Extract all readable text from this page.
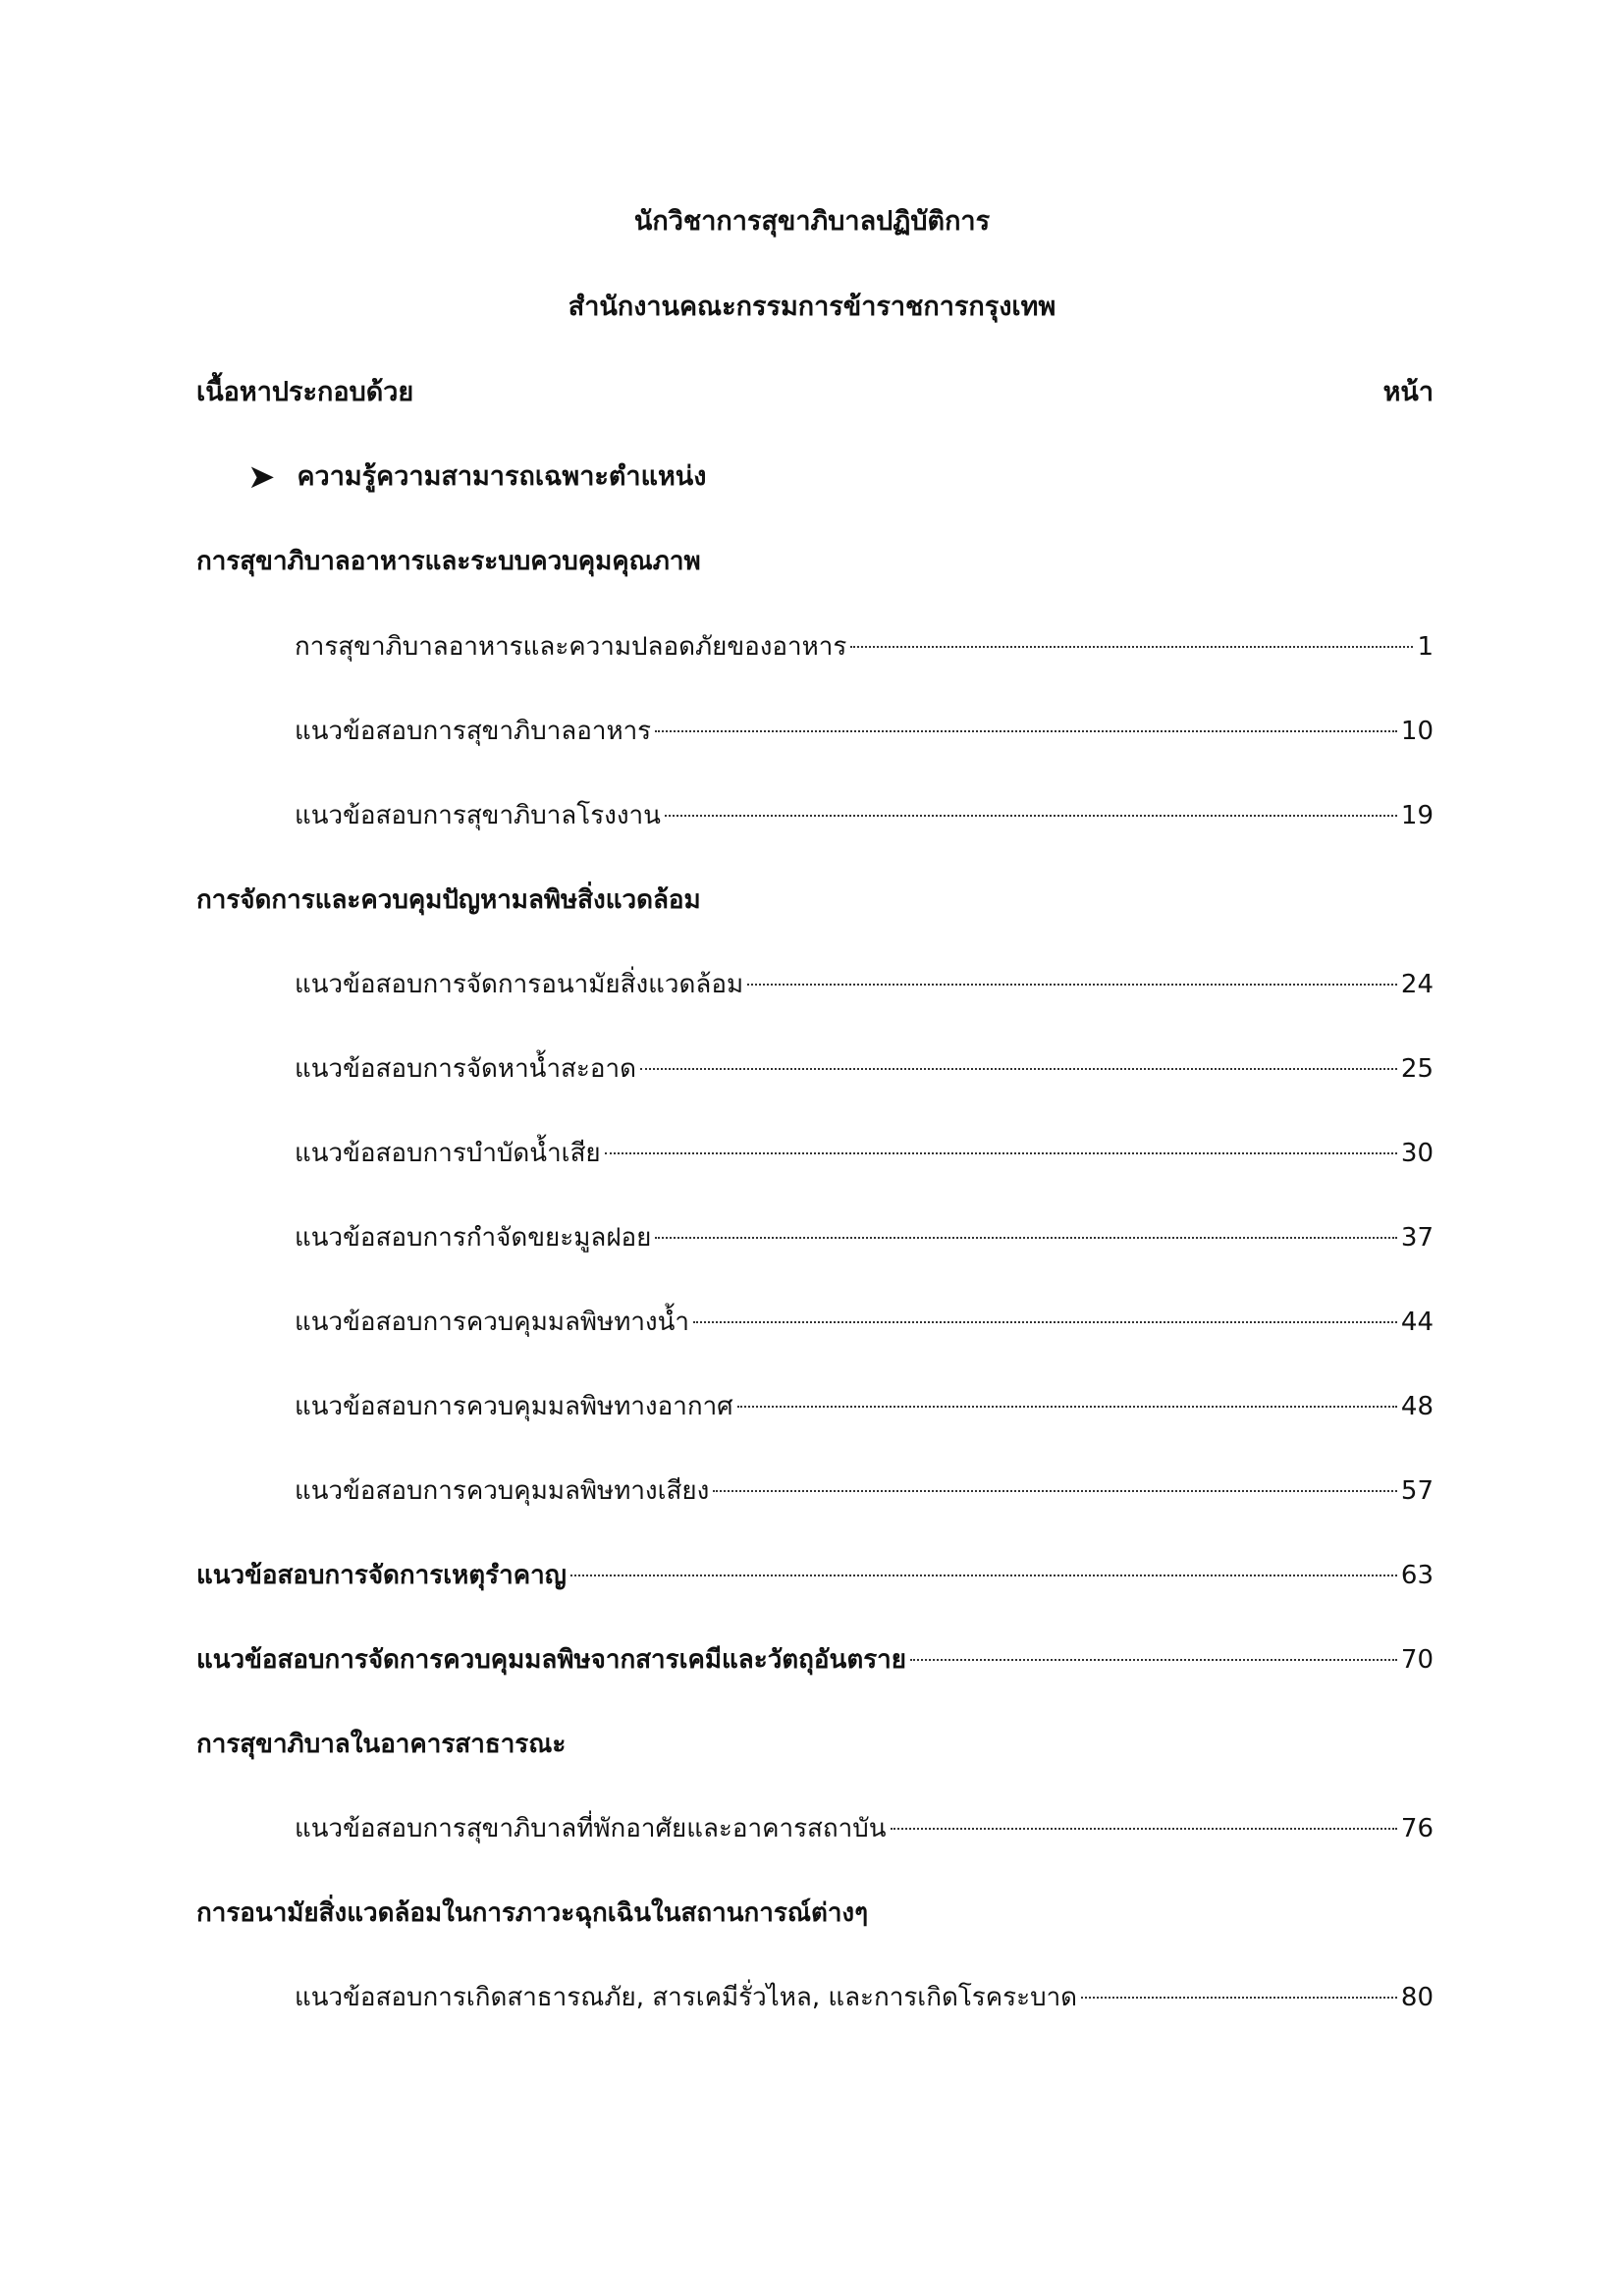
นักวิชาการสุขาภิบาลปฏิบัติการ

สำนักงานคณะกรรมการข้าราชการกรุงเทพ

เนื้อหาประกอบด้วย	หน้า
➤ ความรู้ความสามารถเฉพาะตำแหน่ง
การสุขาภิบาลอาหารและระบบควบคุมคุณภาพ
การสุขาภิบาลอาหารและความปลอดภัยของอาหาร	1
แนวข้อสอบการสุขาภิบาลอาหาร	10
แนวข้อสอบการสุขาภิบาลโรงงาน	19
การจัดการและควบคุมปัญหามลพิษสิ่งแวดล้อม
แนวข้อสอบการจัดการอนามัยสิ่งแวดล้อม	24
แนวข้อสอบการจัดหาน้ำสะอาด	25
แนวข้อสอบการบำบัดน้ำเสีย	30
แนวข้อสอบการกำจัดขยะมูลฝอย	37
แนวข้อสอบการควบคุมมลพิษทางน้ำ	44
แนวข้อสอบการควบคุมมลพิษทางอากาศ	48
แนวข้อสอบการควบคุมมลพิษทางเสียง	57
แนวข้อสอบการจัดการเหตุรำคาญ	63
แนวข้อสอบการจัดการควบคุมมลพิษจากสารเคมีและวัตถุอันตราย	70
การสุขาภิบาลในอาคารสาธารณะ
แนวข้อสอบการสุขาภิบาลที่พักอาศัยและอาคารสถาบัน	76
การอนามัยสิ่งแวดล้อมในการภาวะฉุกเฉินในสถานการณ์ต่างๆ
แนวข้อสอบการเกิดสาธารณภัย, สารเคมีรั่วไหล, และการเกิดโรคระบาด	80
